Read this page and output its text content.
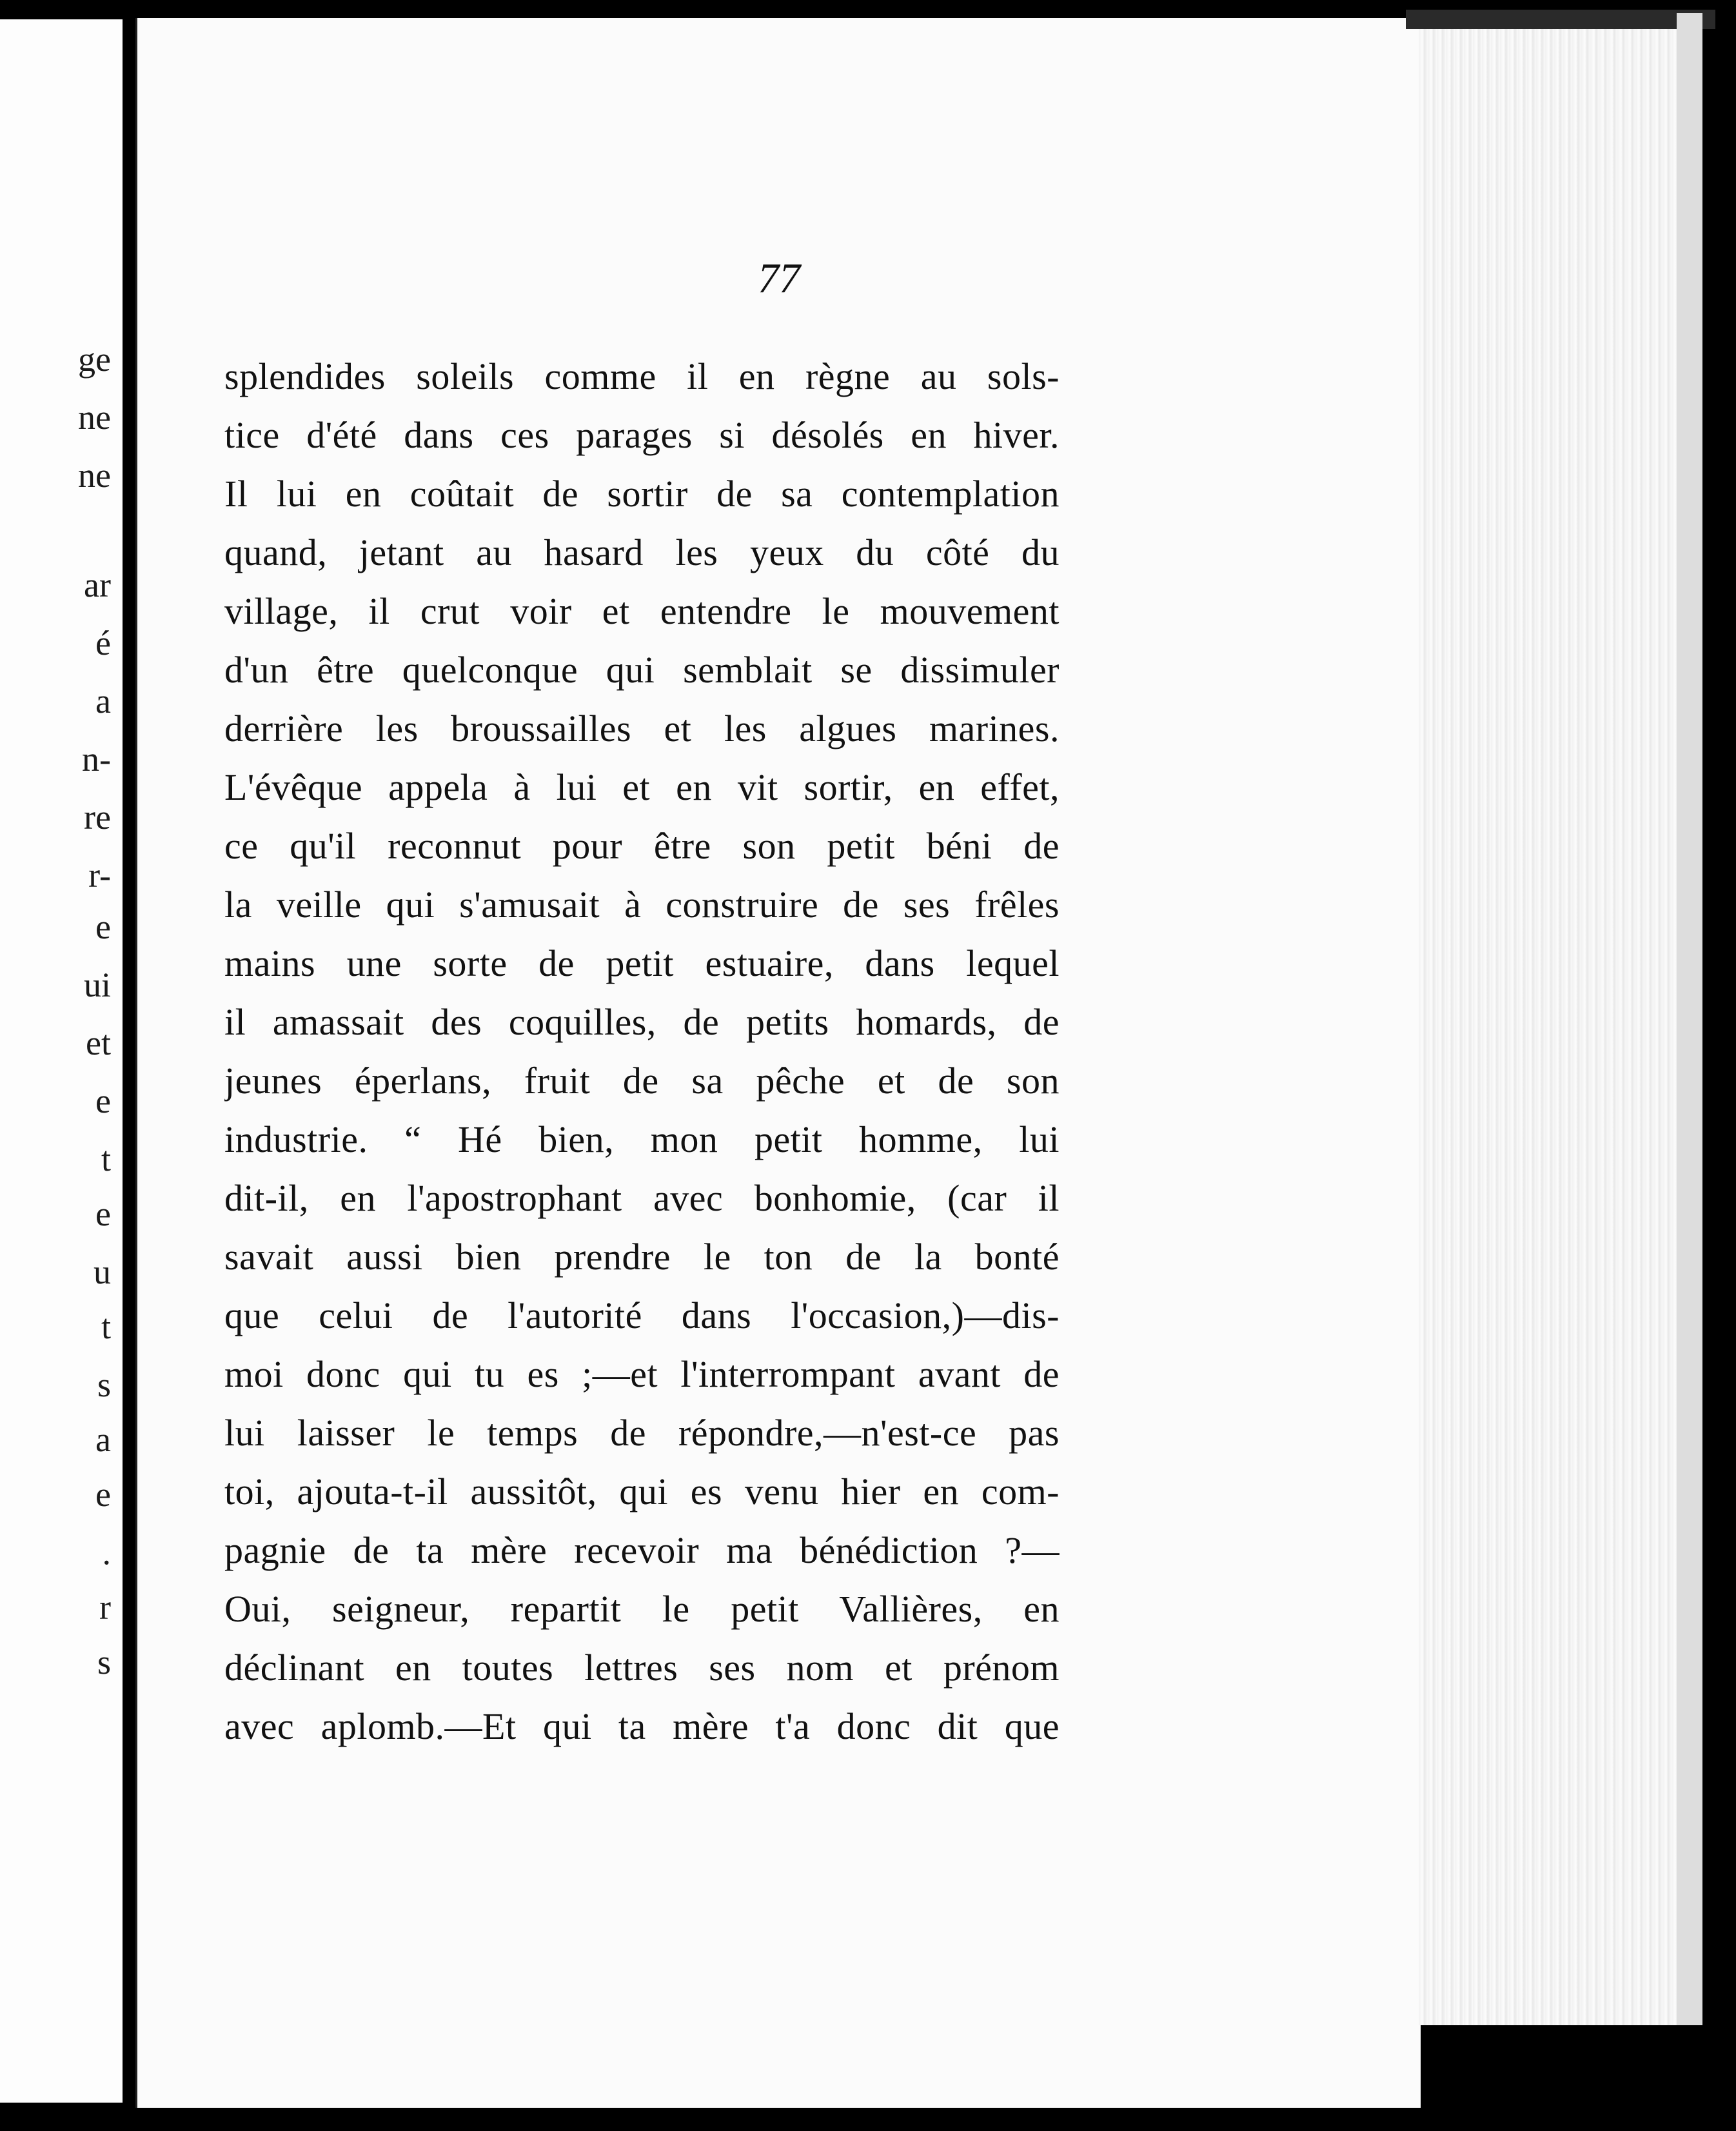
ge
ne
ne
ar
é
a
n-
re
r-
e
ui
et
e
t
e
u
t
s
a
e
.
r
s
77
splendides soleils comme il en règne au sols-
tice d'été dans ces parages si désolés en hiver.
Il lui en coûtait de sortir de sa contemplation
quand, jetant au hasard les yeux du côté du
village, il crut voir et entendre le mouvement
d'un être quelconque qui semblait se dissimuler
derrière les broussailles et les algues marines.
L'évêque appela à lui et en vit sortir, en effet,
ce qu'il reconnut pour être son petit béni de
la veille qui s'amusait à construire de ses frêles
mains une sorte de petit estuaire, dans lequel
il amassait des coquilles, de petits homards, de
jeunes éperlans, fruit de sa pêche et de son
industrie. “ Hé bien, mon petit homme, lui
dit-il, en l'apostrophant avec bonhomie, (car il
savait aussi bien prendre le ton de la bonté
que celui de l'autorité dans l'occasion,)—dis-
moi donc qui tu es ;—et l'interrompant avant de
lui laisser le temps de répondre,—n'est-ce pas
toi, ajouta-t-il aussitôt, qui es venu hier en com-
pagnie de ta mère recevoir ma bénédiction ?—
Oui, seigneur, repartit le petit Vallières, en
déclinant en toutes lettres ses nom et prénom
avec aplomb.—Et qui ta mère t'a donc dit que
